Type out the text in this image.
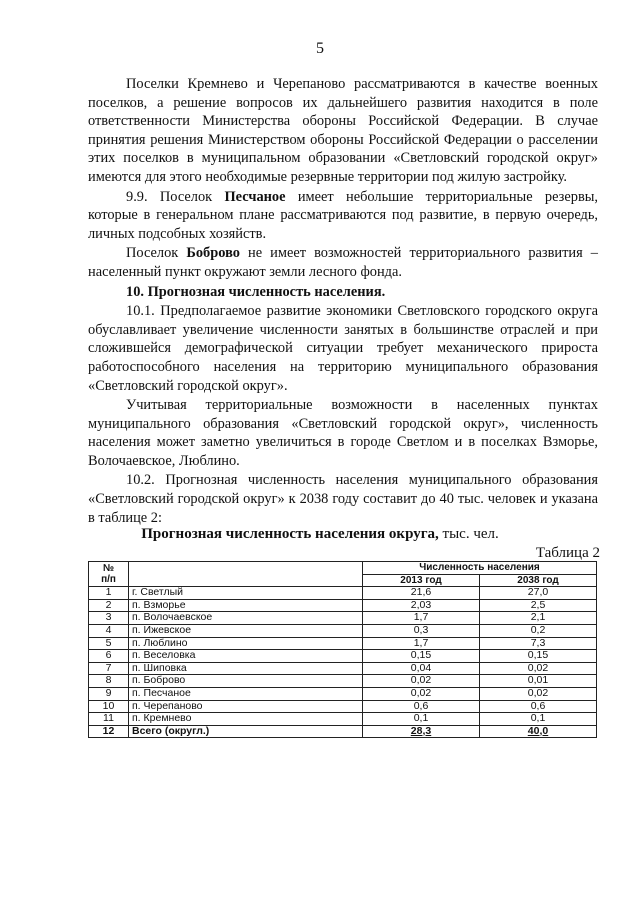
5

Поселки Кремнево и Черепаново рассматриваются в качестве военных поселков, а решение вопросов их дальнейшего развития находится в поле ответственности Министерства обороны Российской Федерации. В случае принятия решения Министерством обороны Российской Федерации о расселении этих поселков в муниципальном образовании «Светловский городской округ» имеются для этого необходимые резервные территории под жилую застройку.

9.9. Поселок Песчаное имеет небольшие территориальные резервы, которые в генеральном плане рассматриваются под развитие, в первую очередь, личных подсобных хозяйств.

Поселок Боброво не имеет возможностей территориального развития – населенный пункт окружают земли лесного фонда.

10. Прогнозная численность населения.

10.1. Предполагаемое развитие экономики Светловского городского округа обуславливает увеличение численности занятых в большинстве отраслей и при сложившейся демографической ситуации требует механического прироста работоспособного населения на территорию муниципального образования «Светловский городской округ».

Учитывая территориальные возможности в населенных пунктах муниципального образования «Светловский городской округ», численность населения может заметно увеличиться в городе Светлом и в поселках Взморье, Волочаевское, Люблино.

10.2. Прогнозная численность населения муниципального образования «Светловский городской округ» к 2038 году составит до 40 тыс. человек и указана в таблице 2:

Прогнозная численность населения округа, тыс. чел.
Таблица 2
№
п/п		Численность населения	
		2013 год	2038 год
1	г. Светлый	21,6	27,0
2	п. Взморье	2,03	2,5
3	п. Волочаевское	1,7	2,1
4	п. Ижевское	0,3	0,2
5	п. Люблино	1,7	7,3
6	п. Веселовка	0,15	0,15
7	п. Шиповка	0,04	0,02
8	п. Боброво	0,02	0,01
9	п. Песчаное	0,02	0,02
10	п. Черепаново	0,6	0,6
11	п. Кремнево	0,1	0,1
12	Всего (округл.)	28,3	40,0
